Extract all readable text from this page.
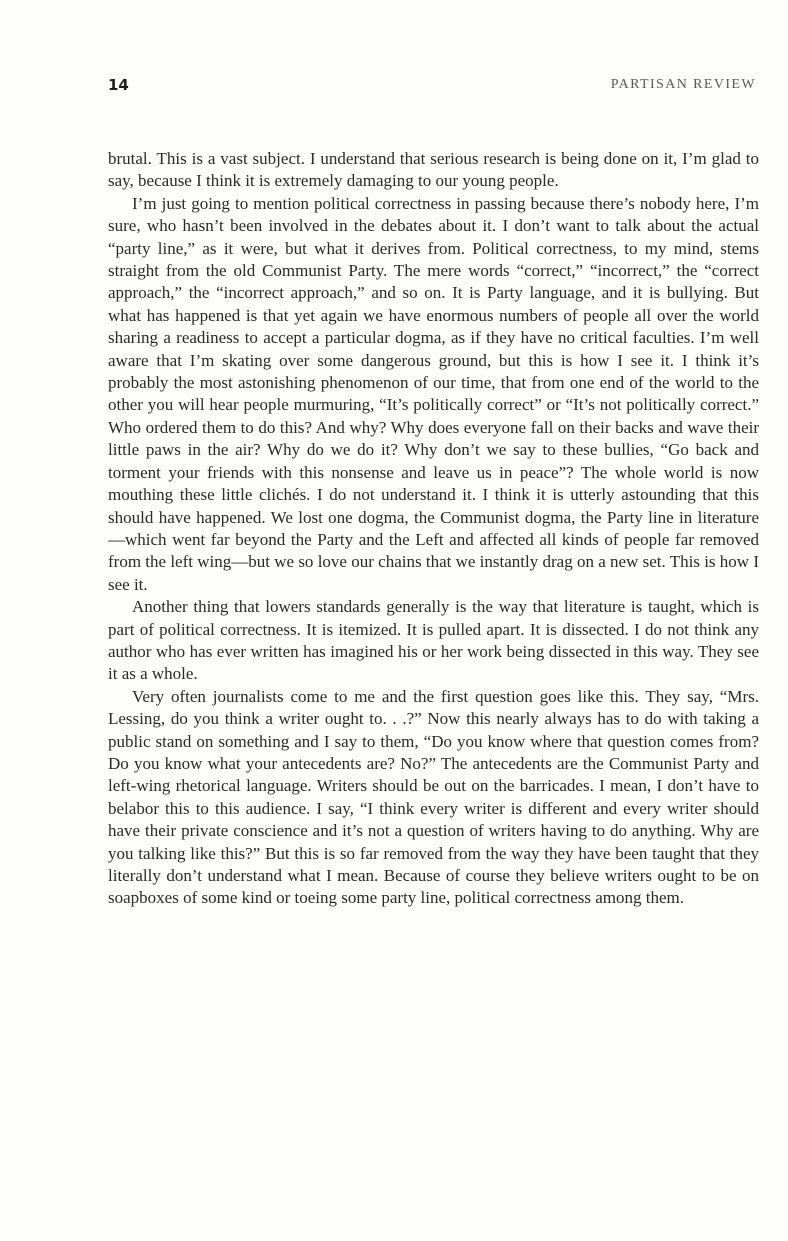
14	PARTISAN REVIEW

brutal. This is a vast subject. I understand that serious research is being done on it, I’m glad to say, because I think it is extremely damaging to our young people.

I’m just going to mention political correctness in passing because there’s nobody here, I’m sure, who hasn’t been involved in the debates about it. I don’t want to talk about the actual “party line,” as it were, but what it derives from. Political correctness, to my mind, stems straight from the old Communist Party. The mere words “correct,” “incorrect,” the “correct approach,” the “incorrect approach,” and so on. It is Party language, and it is bullying. But what has happened is that yet again we have enormous numbers of people all over the world sharing a readiness to accept a particular dogma, as if they have no critical faculties. I’m well aware that I’m skating over some dangerous ground, but this is how I see it. I think it’s probably the most astonishing phenomenon of our time, that from one end of the world to the other you will hear people murmuring, “It’s politically correct” or “It’s not politically correct.” Who ordered them to do this? And why? Why does everyone fall on their backs and wave their little paws in the air? Why do we do it? Why don’t we say to these bullies, “Go back and torment your friends with this nonsense and leave us in peace”? The whole world is now mouthing these little clichés. I do not understand it. I think it is utterly astounding that this should have happened. We lost one dogma, the Communist dogma, the Party line in literature—which went far beyond the Party and the Left and affected all kinds of people far removed from the left wing—but we so love our chains that we instantly drag on a new set. This is how I see it.

Another thing that lowers standards generally is the way that literature is taught, which is part of political correctness. It is itemized. It is pulled apart. It is dissected. I do not think any author who has ever written has imagined his or her work being dissected in this way. They see it as a whole.

Very often journalists come to me and the first question goes like this. They say, “Mrs. Lessing, do you think a writer ought to. . .?” Now this nearly always has to do with taking a public stand on something and I say to them, “Do you know where that question comes from? Do you know what your antecedents are? No?” The antecedents are the Communist Party and left-wing rhetorical language. Writers should be out on the barricades. I mean, I don’t have to belabor this to this audience. I say, “I think every writer is different and every writer should have their private conscience and it’s not a question of writers having to do anything. Why are you talking like this?” But this is so far removed from the way they have been taught that they literally don’t understand what I mean. Because of course they believe writers ought to be on soapboxes of some kind or toeing some party line, political correctness among them.
